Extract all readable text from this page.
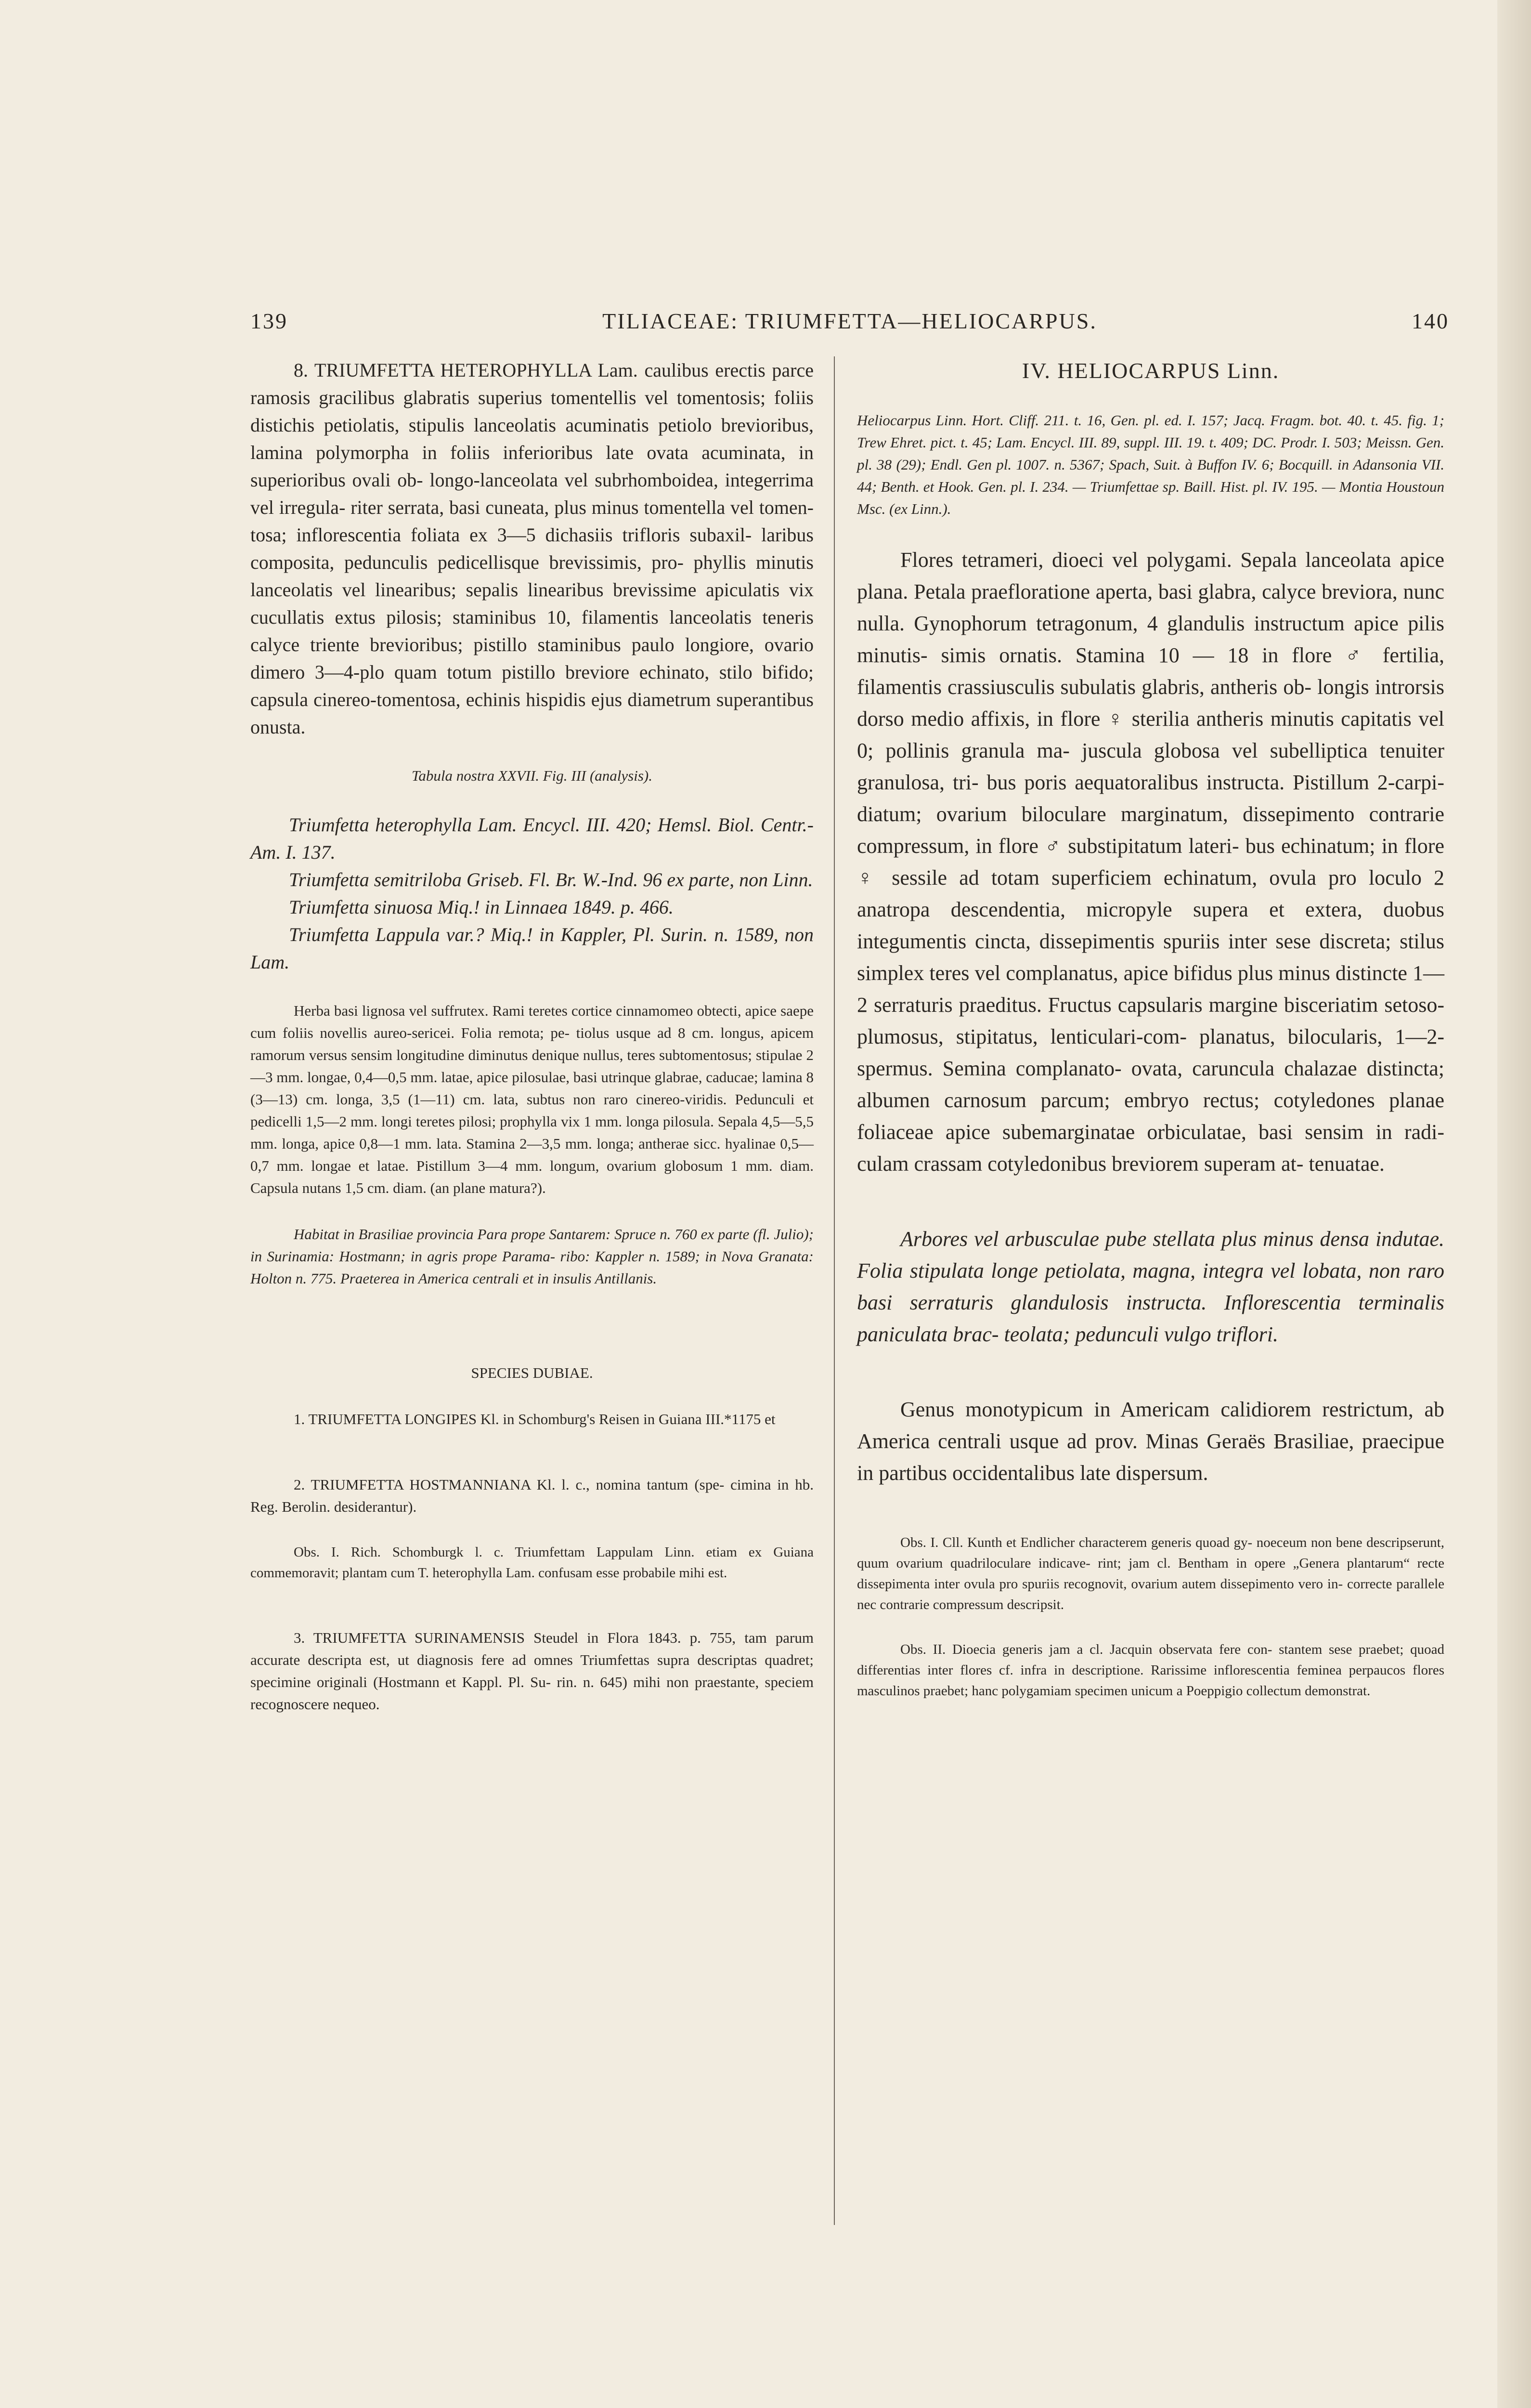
139	TILIACEAE: TRIUMFETTA—HELIOCARPUS.	140

8. TRIUMFETTA HETEROPHYLLA Lam. caulibus erectis parce ramosis gracilibus glabratis superius tomentellis vel tomentosis; foliis distichis petiolatis, stipulis lanceolatis acuminatis petiolo brevioribus, lamina polymorpha in foliis inferioribus late ovata acuminata, in superioribus ovali ob- longo-lanceolata vel subrhomboidea, integerrima vel irregula- riter serrata, basi cuneata, plus minus tomentella vel tomen- tosa; inflorescentia foliata ex 3—5 dichasiis trifloris subaxil- laribus composita, pedunculis pedicellisque brevissimis, pro- phyllis minutis lanceolatis vel linearibus; sepalis linearibus brevissime apiculatis vix cucullatis extus pilosis; staminibus 10, filamentis lanceolatis teneris calyce triente brevioribus; pistillo staminibus paulo longiore, ovario dimero 3—4-plo quam totum pistillo breviore echinato, stilo bifido; capsula cinereo-tomentosa, echinis hispidis ejus diametrum superantibus onusta.

Tabula nostra XXVII. Fig. III (analysis).

Triumfetta heterophylla Lam. Encycl. III. 420; Hemsl. Biol. Centr.-Am. I. 137.

Triumfetta semitriloba Griseb. Fl. Br. W.-Ind. 96 ex parte, non Linn.

Triumfetta sinuosa Miq.! in Linnaea 1849. p. 466.

Triumfetta Lappula var.? Miq.! in Kappler, Pl. Surin. n. 1589, non Lam.

Herba basi lignosa vel suffrutex. Rami teretes cortice cinnamomeo obtecti, apice saepe cum foliis novellis aureo-sericei. Folia remota; pe- tiolus usque ad 8 cm. longus, apicem ramorum versus sensim longitudine diminutus denique nullus, teres subtomentosus; stipulae 2—3 mm. longae, 0,4—0,5 mm. latae, apice pilosulae, basi utrinque glabrae, caducae; lamina 8 (3—13) cm. longa, 3,5 (1—11) cm. lata, subtus non raro cinereo-viridis. Pedunculi et pedicelli 1,5—2 mm. longi teretes pilosi; prophylla vix 1 mm. longa pilosula. Sepala 4,5—5,5 mm. longa, apice 0,8—1 mm. lata. Stamina 2—3,5 mm. longa; antherae sicc. hyalinae 0,5—0,7 mm. longae et latae. Pistillum 3—4 mm. longum, ovarium globosum 1 mm. diam. Capsula nutans 1,5 cm. diam. (an plane matura?).

Habitat in Brasiliae provincia Para prope Santarem: Spruce n. 760 ex parte (fl. Julio); in Surinamia: Hostmann; in agris prope Parama- ribo: Kappler n. 1589; in Nova Granata: Holton n. 775. Praeterea in America centrali et in insulis Antillanis.

SPECIES DUBIAE.

1. TRIUMFETTA LONGIPES Kl. in Schomburg's Reisen in Guiana III.*1175 et

2. TRIUMFETTA HOSTMANNIANA Kl. l. c., nomina tantum (spe- cimina in hb. Reg. Berolin. desiderantur).

Obs. I. Rich. Schomburgk l. c. Triumfettam Lappulam Linn. etiam ex Guiana commemoravit; plantam cum T. heterophylla Lam. confusam esse probabile mihi est.

3. TRIUMFETTA SURINAMENSIS Steudel in Flora 1843. p. 755, tam parum accurate descripta est, ut diagnosis fere ad omnes Triumfettas supra descriptas quadret; specimine originali (Hostmann et Kappl. Pl. Su- rin. n. 645) mihi non praestante, speciem recognoscere nequeo.

IV. HELIOCARPUS Linn.

Heliocarpus Linn. Hort. Cliff. 211. t. 16, Gen. pl. ed. I. 157; Jacq. Fragm. bot. 40. t. 45. fig. 1; Trew Ehret. pict. t. 45; Lam. Encycl. III. 89, suppl. III. 19. t. 409; DC. Prodr. I. 503; Meissn. Gen. pl. 38 (29); Endl. Gen pl. 1007. n. 5367; Spach, Suit. à Buffon IV. 6; Bocquill. in Adansonia VII. 44; Benth. et Hook. Gen. pl. I. 234. — Triumfettae sp. Baill. Hist. pl. IV. 195. — Montia Houstoun Msc. (ex Linn.).

Flores tetrameri, dioeci vel polygami. Sepala lanceolata apice plana. Petala praefloratione aperta, basi glabra, calyce breviora, nunc nulla. Gynophorum tetragonum, 4 glandulis instructum apice pilis minutis- simis ornatis. Stamina 10 — 18 in flore ♂ fertilia, filamentis crassiusculis subulatis glabris, antheris ob- longis introrsis dorso medio affixis, in flore ♀ sterilia antheris minutis capitatis vel 0; pollinis granula ma- juscula globosa vel subelliptica tenuiter granulosa, tri- bus poris aequatoralibus instructa. Pistillum 2-carpi- diatum; ovarium biloculare marginatum, dissepimento contrarie compressum, in flore ♂ substipitatum lateri- bus echinatum; in flore ♀ sessile ad totam superficiem echinatum, ovula pro loculo 2 anatropa descendentia, micropyle supera et extera, duobus integumentis cincta, dissepimentis spuriis inter sese discreta; stilus simplex teres vel complanatus, apice bifidus plus minus distincte 1—2 serraturis praeditus. Fructus capsularis margine bisceriatim setoso-plumosus, stipitatus, lenticulari-com- planatus, bilocularis, 1—2-spermus. Semina complanato- ovata, caruncula chalazae distincta; albumen carnosum parcum; embryo rectus; cotyledones planae foliaceae apice subemarginatae orbiculatae, basi sensim in radi- culam crassam cotyledonibus breviorem superam at- tenuatae.

Arbores vel arbusculae pube stellata plus minus densa indutae. Folia stipulata longe petiolata, magna, integra vel lobata, non raro basi serraturis glandulosis instructa. Inflorescentia terminalis paniculata brac- teolata; pedunculi vulgo triflori.

Genus monotypicum in Americam calidiorem restrictum, ab America centrali usque ad prov. Minas Geraës Brasiliae, praecipue in partibus occidentalibus late dispersum.

Obs. I. Cll. Kunth et Endlicher characterem generis quoad gy- noeceum non bene descripserunt, quum ovarium quadriloculare indicave- rint; jam cl. Bentham in opere „Genera plantarum“ recte dissepimenta inter ovula pro spuriis recognovit, ovarium autem dissepimento vero in- correcte parallele nec contrarie compressum descripsit.

Obs. II. Dioecia generis jam a cl. Jacquin observata fere con- stantem sese praebet; quoad differentias inter flores cf. infra in descriptione. Rarissime inflorescentia feminea perpaucos flores masculinos praebet; hanc polygamiam specimen unicum a Poeppigio collectum demonstrat.
